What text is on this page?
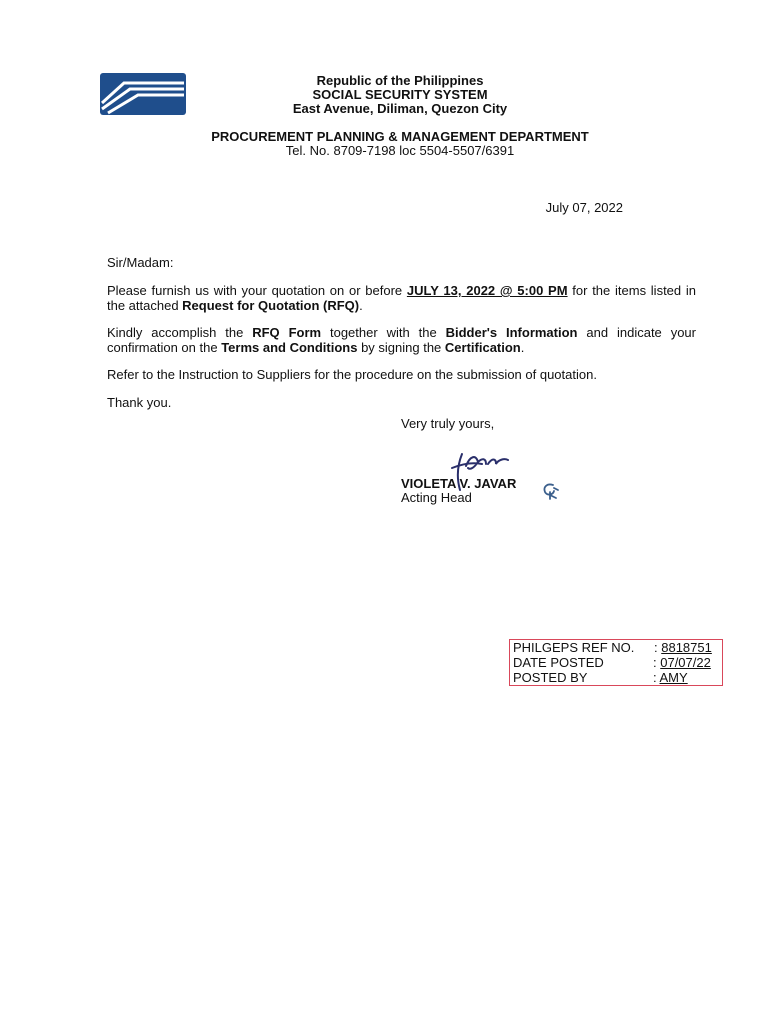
Republic of the Philippines
SOCIAL SECURITY SYSTEM
East Avenue, Diliman, Quezon City
PROCUREMENT PLANNING & MANAGEMENT DEPARTMENT
Tel. No. 8709-7198 loc 5504-5507/6391
July 07, 2022
Sir/Madam:
Please furnish us with your quotation on or before JULY 13, 2022 @ 5:00 PM for the items listed in the attached Request for Quotation (RFQ).
Kindly accomplish the RFQ Form together with the Bidder's Information and indicate your confirmation on the Terms and Conditions by signing the Certification.
Refer to the Instruction to Suppliers for the procedure on the submission of quotation.
Thank you.
Very truly yours,
VIOLETA V. JAVAR
Acting Head
PHILGEPS REF NO. : 8818751
DATE POSTED	: 07/07/22
POSTED BY	: AMY
